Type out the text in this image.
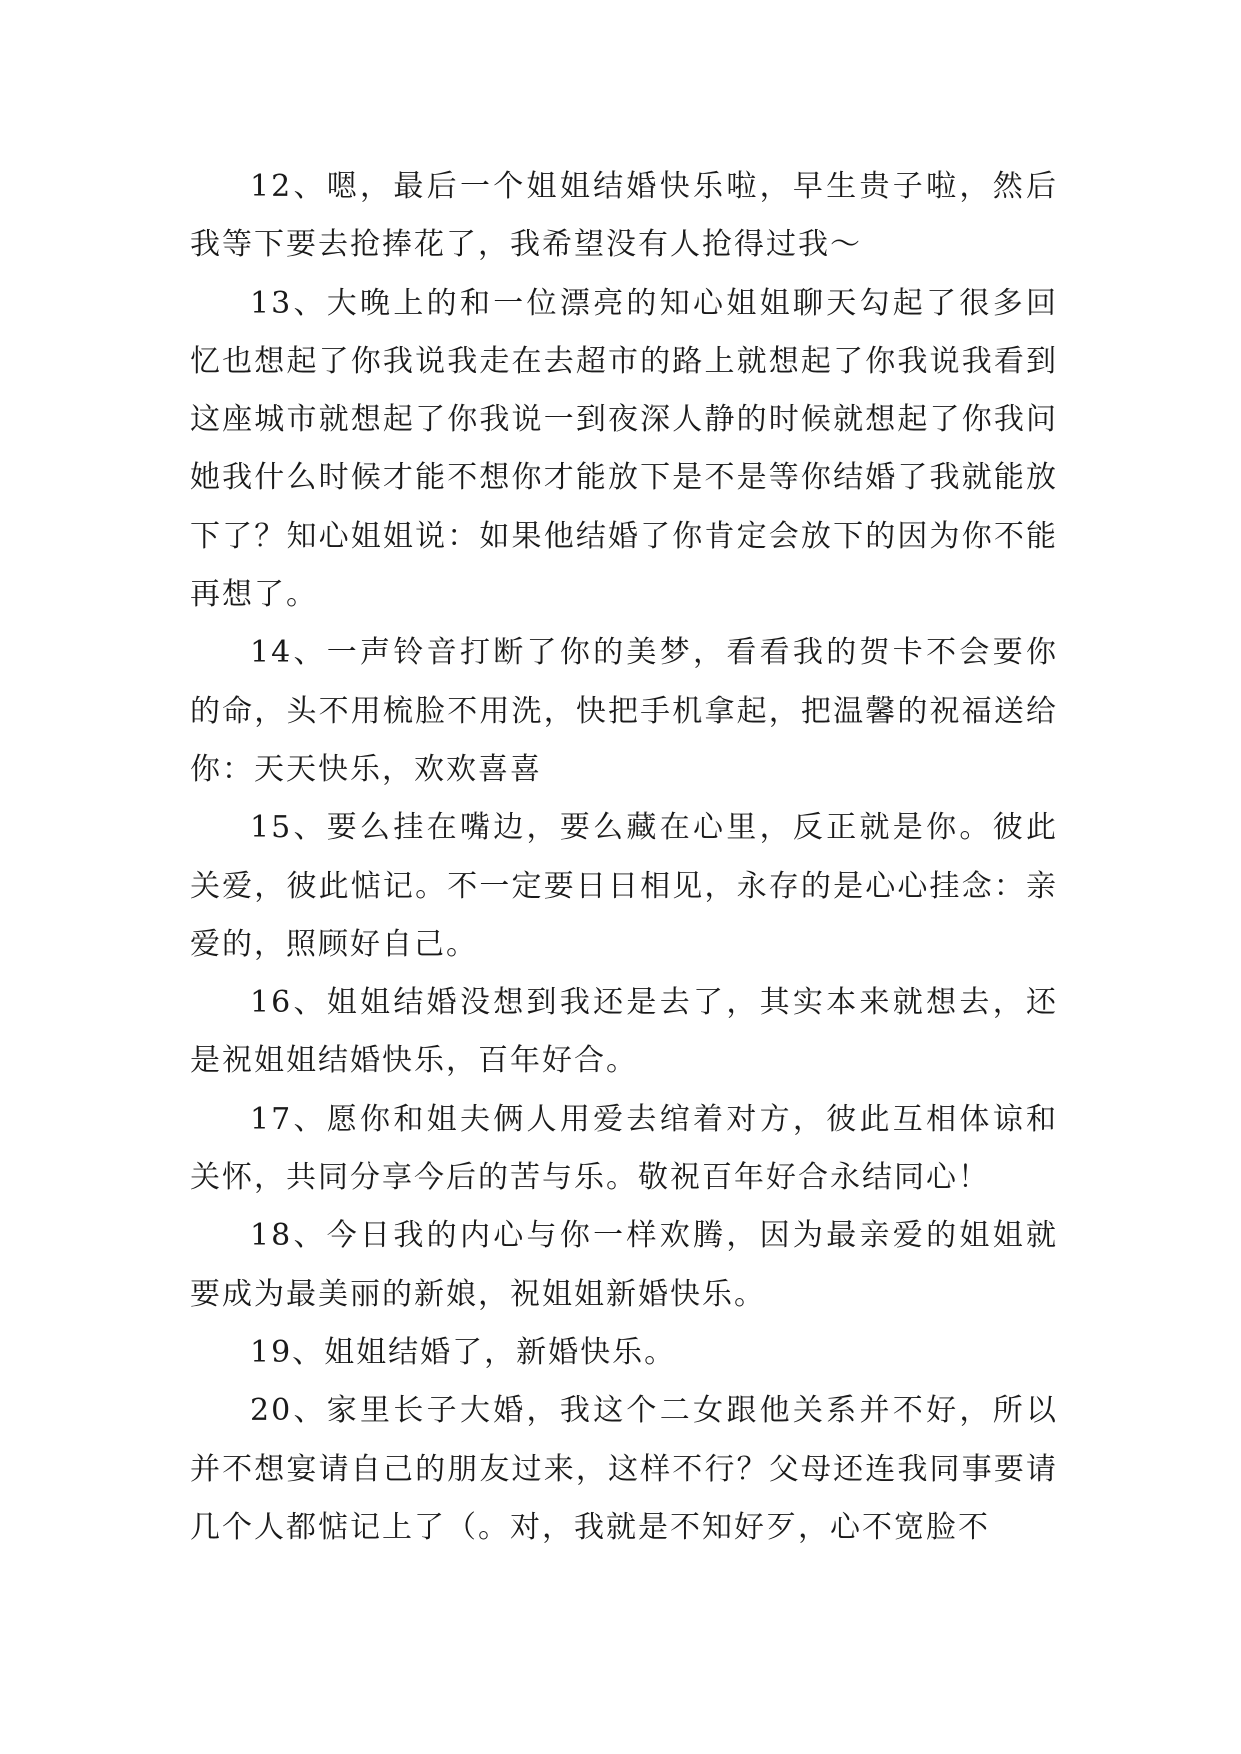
12、嗯，最后一个姐姐结婚快乐啦，早生贵子啦，然后我等下要去抢捧花了，我希望没有人抢得过我～

13、大晚上的和一位漂亮的知心姐姐聊天勾起了很多回忆也想起了你我说我走在去超市的路上就想起了你我说我看到这座城市就想起了你我说一到夜深人静的时候就想起了你我问她我什么时候才能不想你才能放下是不是等你结婚了我就能放下了？知心姐姐说：如果他结婚了你肯定会放下的因为你不能再想了。

14、一声铃音打断了你的美梦，看看我的贺卡不会要你的命，头不用梳脸不用洗，快把手机拿起，把温馨的祝福送给你：天天快乐，欢欢喜喜

15、要么挂在嘴边，要么藏在心里，反正就是你。彼此关爱，彼此惦记。不一定要日日相见，永存的是心心挂念：亲爱的，照顾好自己。

16、姐姐结婚没想到我还是去了，其实本来就想去，还是祝姐姐结婚快乐，百年好合。

17、愿你和姐夫俩人用爱去绾着对方，彼此互相体谅和关怀，共同分享今后的苦与乐。敬祝百年好合永结同心！

18、今日我的内心与你一样欢腾，因为最亲爱的姐姐就要成为最美丽的新娘，祝姐姐新婚快乐。

19、姐姐结婚了，新婚快乐。

20、家里长子大婚，我这个二女跟他关系并不好，所以并不想宴请自己的朋友过来，这样不行？父母还连我同事要请几个人都惦记上了（。对，我就是不知好歹，心不宽脸不
